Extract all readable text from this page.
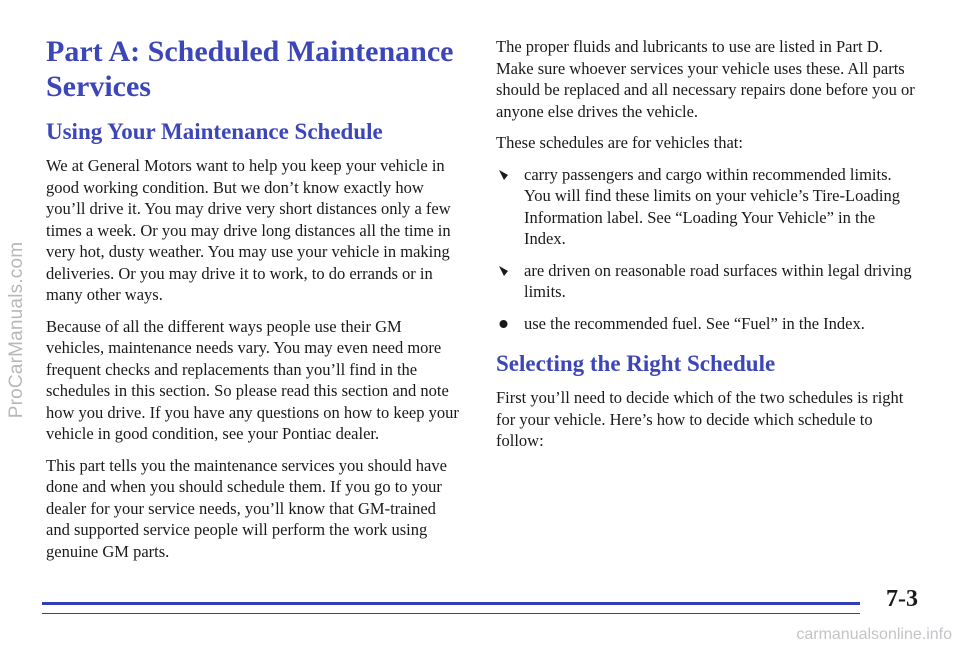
ProCarManuals.com
Part A: Scheduled Maintenance Services
Using Your Maintenance Schedule

We at General Motors want to help you keep your vehicle in good working condition. But we don’t know exactly how you’ll drive it. You may drive very short distances only a few times a week. Or you may drive long distances all the time in very hot, dusty weather. You may use your vehicle in making deliveries. Or you may drive it to work, to do errands or in many other ways.

Because of all the different ways people use their GM vehicles, maintenance needs vary. You may even need more frequent checks and replacements than you’ll find in the schedules in this section. So please read this section and note how you drive. If you have any questions on how to keep your vehicle in good condition, see your Pontiac dealer.

This part tells you the maintenance services you should have done and when you should schedule them. If you go to your dealer for your service needs, you’ll know that GM-trained and supported service people will perform the work using genuine GM parts.

The proper fluids and lubricants to use are listed in Part D. Make sure whoever services your vehicle uses these. All parts should be replaced and all necessary repairs done before you or anyone else drives the vehicle.

These schedules are for vehicles that:

carry passengers and cargo within recommended limits. You will find these limits on your vehicle’s Tire-Loading Information label. See “Loading Your Vehicle” in the Index.
are driven on reasonable road surfaces within legal driving limits.
use the recommended fuel. See “Fuel” in the Index.
Selecting the Right Schedule

First you’ll need to decide which of the two schedules is right for your vehicle. Here’s how to decide which schedule to follow:

7-3
carmanualsonline.info
